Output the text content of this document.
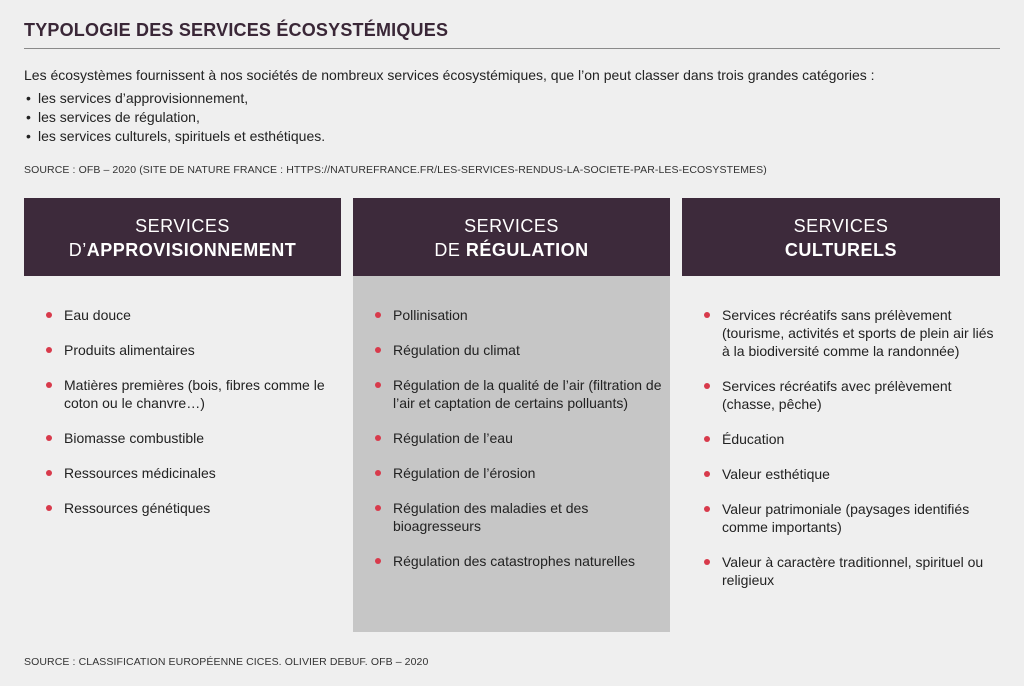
TYPOLOGIE DES SERVICES ÉCOSYSTÉMIQUES
Les écosystèmes fournissent à nos sociétés de nombreux services écosystémiques, que l’on peut classer dans trois grandes catégories :
• les services d’approvisionnement,
• les services de régulation,
• les services culturels, spirituels et esthétiques.
SOURCE : OFB – 2020 (SITE DE NATURE FRANCE : HTTPS://NATUREFRANCE.FR/LES-SERVICES-RENDUS-LA-SOCIETE-PAR-LES-ECOSYSTEMES)
SERVICES
D’APPROVISIONNEMENT
SERVICES
DE RÉGULATION
SERVICES
CULTURELS
Eau douce
Produits alimentaires
Matières premières (bois, fibres comme le coton ou le chanvre…)
Biomasse combustible
Ressources médicinales
Ressources génétiques
Pollinisation
Régulation du climat
Régulation de la qualité de l’air (filtration de l’air et captation de certains polluants)
Régulation de l’eau
Régulation de l’érosion
Régulation des maladies et des bioagresseurs
Régulation des catastrophes naturelles
Services récréatifs sans prélèvement (tourisme, activités et sports de plein air liés à la biodiversité comme la randonnée)
Services récréatifs avec prélèvement (chasse, pêche)
Éducation
Valeur esthétique
Valeur patrimoniale (paysages identifiés comme importants)
Valeur à caractère traditionnel, spirituel ou religieux
SOURCE : CLASSIFICATION EUROPÉENNE CICES. OLIVIER DEBUF. OFB – 2020
